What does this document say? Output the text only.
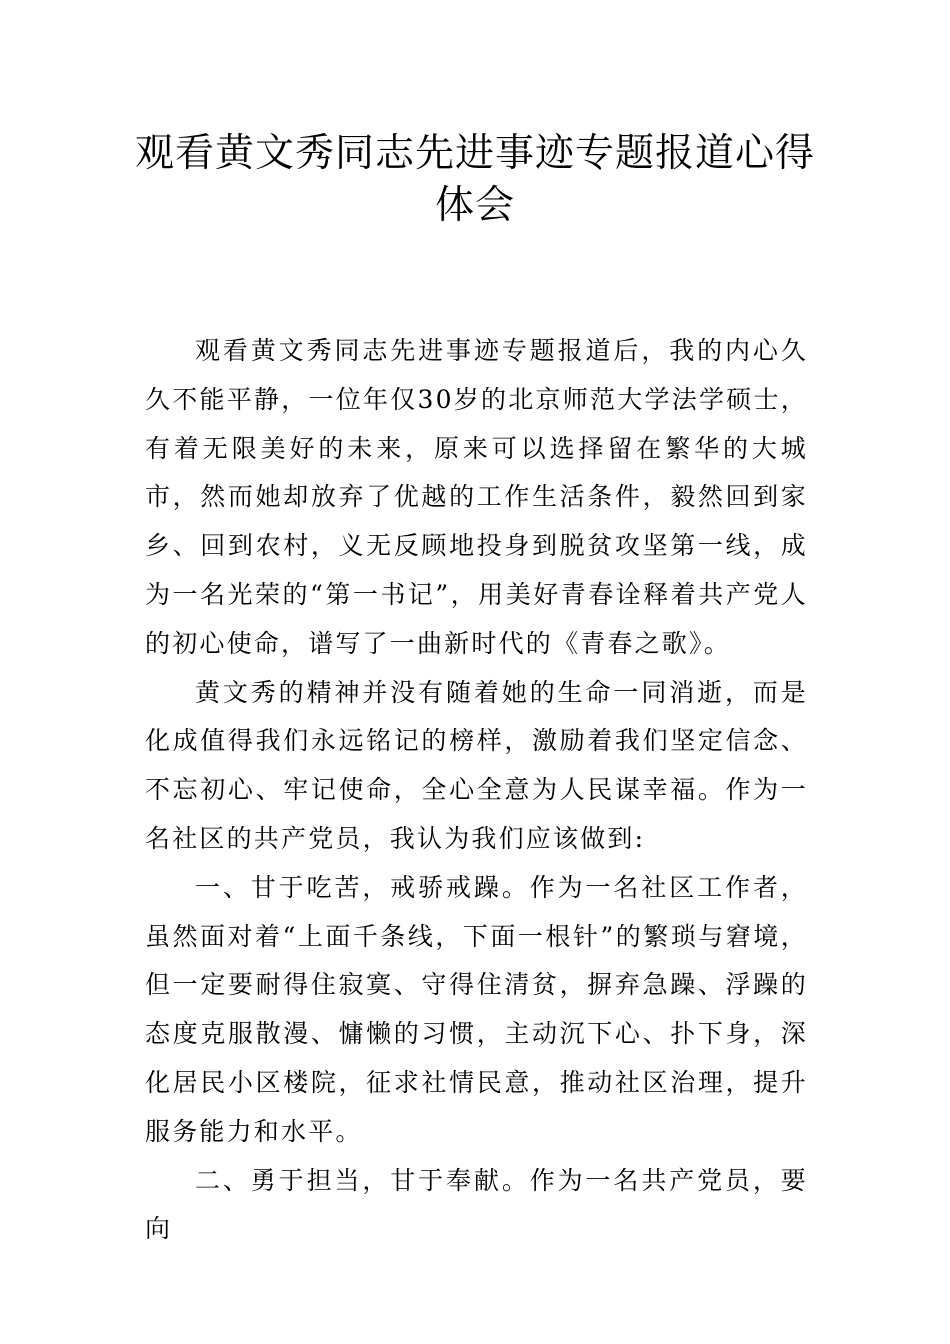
观看黄文秀同志先进事迹专题报道心得体会

观看黄文秀同志先进事迹专题报道后，我的内心久久不能平静，一位年仅30岁的北京师范大学法学硕士，有着无限美好的未来，原来可以选择留在繁华的大城市，然而她却放弃了优越的工作生活条件，毅然回到家乡、回到农村，义无反顾地投身到脱贫攻坚第一线，成为一名光荣的“第一书记”，用美好青春诠释着共产党人的初心使命，谱写了一曲新时代的《青春之歌》。

黄文秀的精神并没有随着她的生命一同消逝，而是化成值得我们永远铭记的榜样，激励着我们坚定信念、不忘初心、牢记使命，全心全意为人民谋幸福。作为一名社区的共产党员，我认为我们应该做到:

一、甘于吃苦，戒骄戒躁。作为一名社区工作者，虽然面对着“上面千条线，下面一根针”的繁琐与窘境，但一定要耐得住寂寞、守得住清贫，摒弃急躁、浮躁的态度克服散漫、慵懒的习惯，主动沉下心、扑下身，深化居民小区楼院，征求社情民意，推动社区治理，提升服务能力和水平。

二、勇于担当，甘于奉献。作为一名共产党员，要向
